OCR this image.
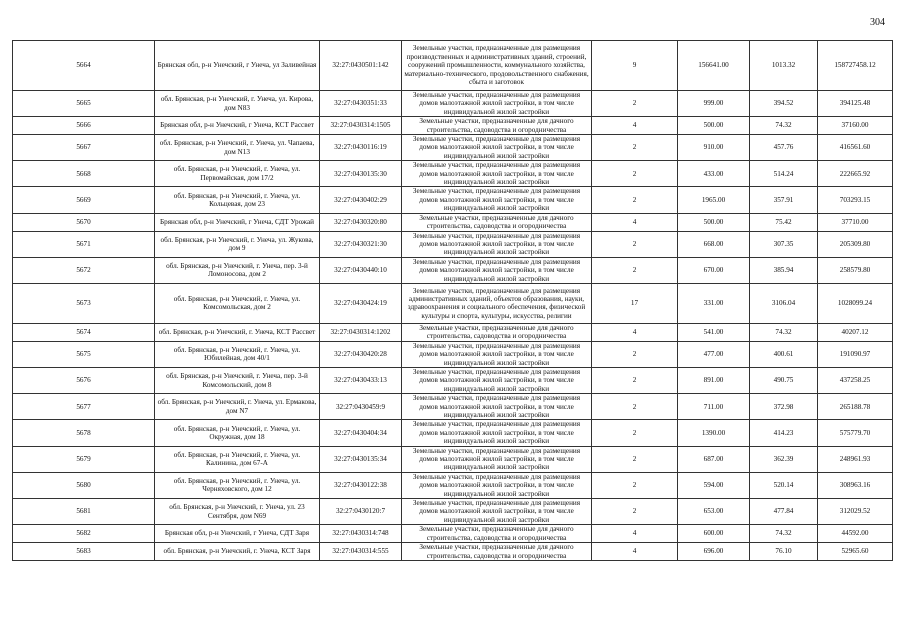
304
5664	Брянская обл, р-н Унечский, г Унеча, ул Заливейная	32:27:0430501:142	Земельные участки, предназначенные для размещения производственных и административных зданий, строений, сооружений промышленности, коммунального хозяйства, материально-технического, продовольственного снабжения, сбыта и заготовок	9	156641.00	1013.32	158727458.12
5665	обл. Брянская, р-н Унечский, г. Унеча, ул. Кирова, дом N83	32:27:0430351:33	Земельные участки, предназначенные для размещения домов малоэтажной жилой застройки, в том числе индивидуальной жилой застройки	2	999.00	394.52	394125.48
5666	Брянская обл, р-н Унечский, г Унеча, КСТ Рассвет	32:27:0430314:1505	Земельные участки, предназначенные для дачного строительства, садоводства и огородничества	4	500.00	74.32	37160.00
5667	обл. Брянская, р-н Унечский, г. Унеча, ул. Чапаева, дом N13	32:27:0430116:19	Земельные участки, предназначенные для размещения домов малоэтажной жилой застройки, в том числе индивидуальной жилой застройки	2	910.00	457.76	416561.60
5668	обл. Брянская, р-н Унечский, г. Унеча, ул. Первомайская, дом 17/2	32:27:0430135:30	Земельные участки, предназначенные для размещения домов малоэтажной жилой застройки, в том числе индивидуальной жилой застройки	2	433.00	514.24	222665.92
5669	обл. Брянская, р-н Унечский, г. Унеча, ул. Кольцевая, дом 23	32:27:0430402:29	Земельные участки, предназначенные для размещения домов малоэтажной жилой застройки, в том числе индивидуальной жилой застройки	2	1965.00	357.91	703293.15
5670	Брянская обл, р-н Унечский, г Унеча, СДТ Урожай	32:27:0430320:80	Земельные участки, предназначенные для дачного строительства, садоводства и огородничества	4	500.00	75.42	37710.00
5671	обл. Брянская, р-н Унечский, г. Унеча, ул. Жукова, дом 9	32:27:0430321:30	Земельные участки, предназначенные для размещения домов малоэтажной жилой застройки, в том числе индивидуальной жилой застройки	2	668.00	307.35	205309.80
5672	обл. Брянская, р-н Унечский, г. Унеча, пер. 3-й Ломоносова, дом 2	32:27:0430440:10	Земельные участки, предназначенные для размещения домов малоэтажной жилой застройки, в том числе индивидуальной жилой застройки	2	670.00	385.94	258579.80
5673	обл. Брянская, р-н Унечский, г. Унеча, ул. Комсомольская, дом 2	32:27:0430424:19	Земельные участки, предназначенные для размещения административных зданий, объектов образования, науки, здравоохранения и социального обеспечения, физической культуры и спорта, культуры, искусства, религии	17	331.00	3106.04	1028099.24
5674	обл. Брянская, р-н Унечский, г. Унеча, КСТ Рассвет	32:27:0430314:1202	Земельные участки, предназначенные для дачного строительства, садоводства и огородничества	4	541.00	74.32	40207.12
5675	обл. Брянская, р-н Унечский, г. Унеча, ул. Юбилейная, дом 40/1	32:27:0430420:28	Земельные участки, предназначенные для размещения домов малоэтажной жилой застройки, в том числе индивидуальной жилой застройки	2	477.00	400.61	191090.97
5676	обл. Брянская, р-н Унечский, г. Унеча, пер. 3-й Комсомольский, дом 8	32:27:0430433:13	Земельные участки, предназначенные для размещения домов малоэтажной жилой застройки, в том числе индивидуальной жилой застройки	2	891.00	490.75	437258.25
5677	обл. Брянская, р-н Унечский, г. Унеча, ул. Ермакова, дом N7	32:27:0430459:9	Земельные участки, предназначенные для размещения домов малоэтажной жилой застройки, в том числе индивидуальной жилой застройки	2	711.00	372.98	265188.78
5678	обл. Брянская, р-н Унечский, г. Унеча, ул. Окружная, дом 18	32:27:0430404:34	Земельные участки, предназначенные для размещения домов малоэтажной жилой застройки, в том числе индивидуальной жилой застройки	2	1390.00	414.23	575779.70
5679	обл. Брянская, р-н Унечский, г. Унеча, ул. Калинина, дом 67-А	32:27:0430135:34	Земельные участки, предназначенные для размещения домов малоэтажной жилой застройки, в том числе индивидуальной жилой застройки	2	687.00	362.39	248961.93
5680	обл. Брянская, р-н Унечский, г. Унеча, ул. Черняховского, дом 12	32:27:0430122:38	Земельные участки, предназначенные для размещения домов малоэтажной жилой застройки, в том числе индивидуальной жилой застройки	2	594.00	520.14	308963.16
5681	обл. Брянская, р-н Унечский, г. Унеча, ул. 23 Сентября, дом N69	32:27:0430120:7	Земельные участки, предназначенные для размещения домов малоэтажной жилой застройки, в том числе индивидуальной жилой застройки	2	653.00	477.84	312029.52
5682	Брянская обл, р-н Унечский, г Унеча, СДТ Заря	32:27:0430314:748	Земельные участки, предназначенные для дачного строительства, садоводства и огородничества	4	600.00	74.32	44592.00
5683	обл. Брянская, р-н Унечский, г. Унеча, КСТ Заря	32:27:0430314:555	Земельные участки, предназначенные для дачного строительства, садоводства и огородничества	4	696.00	76.10	52965.60
